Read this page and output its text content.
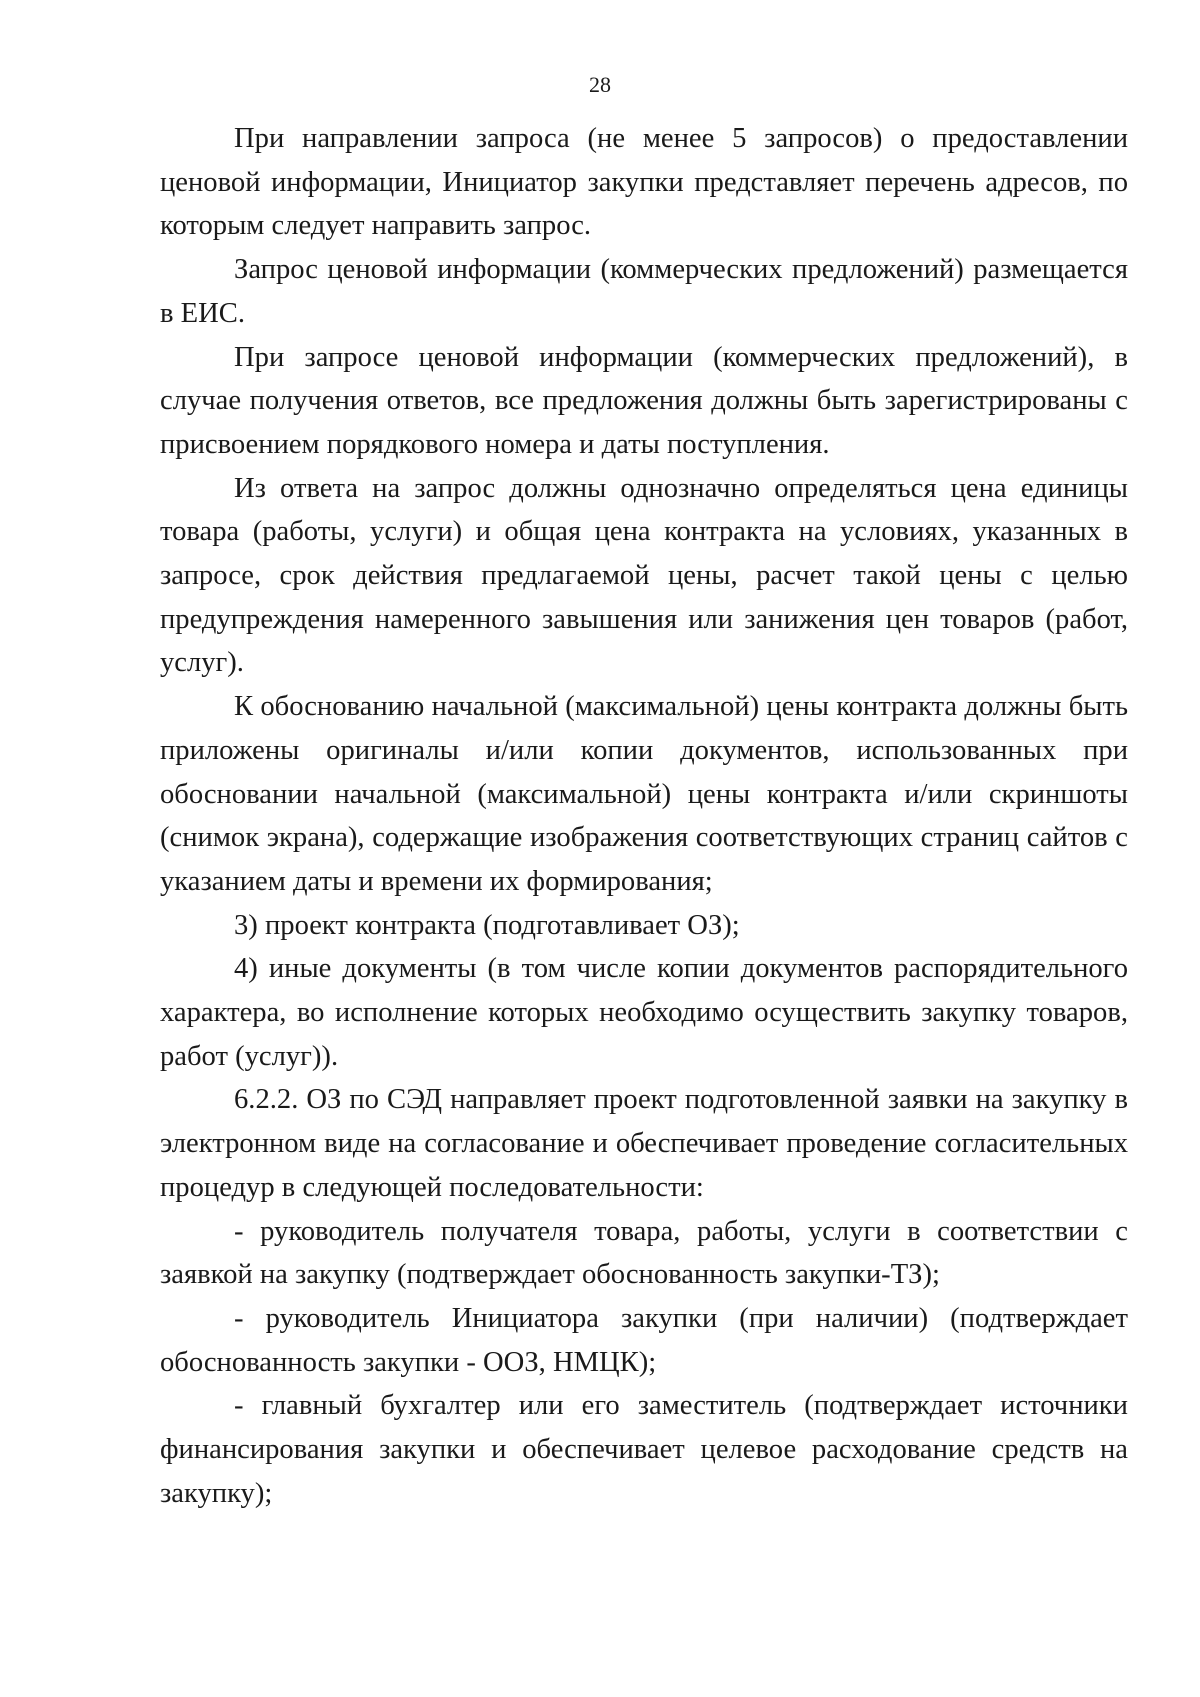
28

При направлении запроса (не менее 5 запросов) о предоставлении ценовой информации, Инициатор закупки представляет перечень адресов, по которым следует направить запрос.

Запрос ценовой информации (коммерческих предложений) размещается в ЕИС.

При запросе ценовой информации (коммерческих предложений), в случае получения ответов, все предложения должны быть зарегистрированы с присвоением порядкового номера и даты поступления.

Из ответа на запрос должны однозначно определяться цена единицы товара (работы, услуги) и общая цена контракта на условиях, указанных в запросе, срок действия предлагаемой цены, расчет такой цены с целью предупреждения намеренного завышения или занижения цен товаров (работ, услуг).

К обоснованию начальной (максимальной) цены контракта должны быть приложены оригиналы и/или копии документов, использованных при обосновании начальной (максимальной) цены контракта и/или скриншоты (снимок экрана), содержащие изображения соответствующих страниц сайтов с указанием даты и времени их формирования;

3) проект контракта (подготавливает ОЗ);

4) иные документы (в том числе копии документов распорядительного характера, во исполнение которых необходимо осуществить закупку товаров, работ (услуг)).

6.2.2. ОЗ по СЭД направляет проект подготовленной заявки на закупку в электронном виде на согласование и обеспечивает проведение согласительных процедур в следующей последовательности:

- руководитель получателя товара, работы, услуги в соответствии с заявкой на закупку (подтверждает обоснованность закупки-ТЗ);

- руководитель Инициатора закупки (при наличии) (подтверждает обоснованность закупки - ООЗ, НМЦК);

- главный бухгалтер или его заместитель (подтверждает источники финансирования закупки и обеспечивает целевое расходование средств на закупку);
